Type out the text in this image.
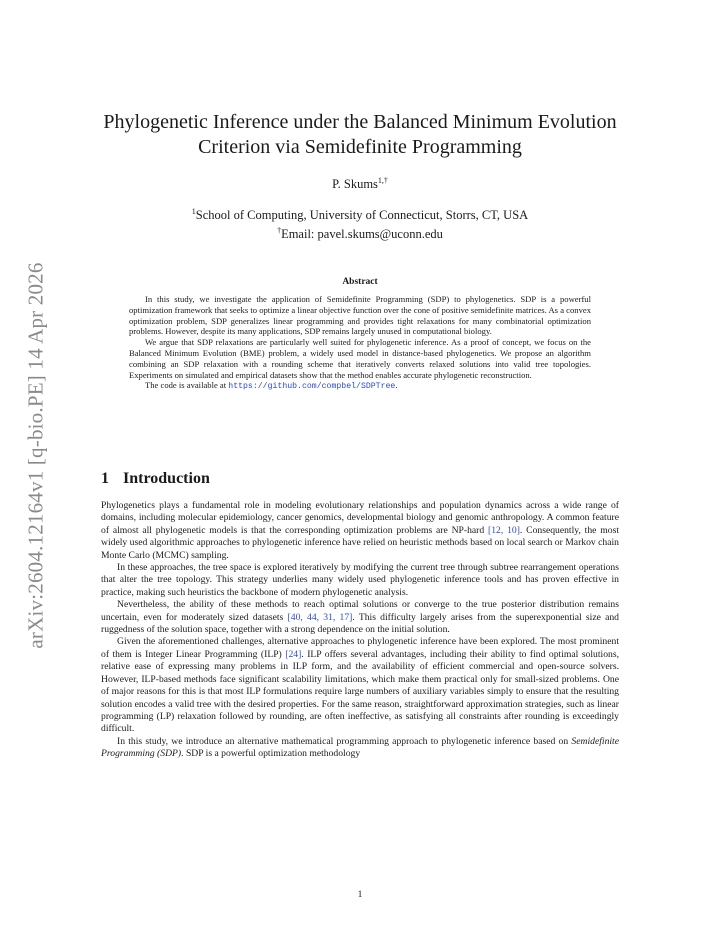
arXiv:2604.12164v1 [q-bio.PE] 14 Apr 2026
Phylogenetic Inference under the Balanced Minimum Evolution
Criterion via Semidefinite Programming
P. Skums$^{1,\dagger}$
$^1$School of Computing, University of Connecticut, Storrs, CT, USA
†Email: pavel.skums@uconn.edu
Abstract

In this study, we investigate the application of Semidefinite Programming (SDP) to phylogenetics. SDP is a powerful optimization framework that seeks to optimize a linear objective function over the cone of positive semidefinite matrices. As a convex optimization problem, SDP generalizes linear programming and provides tight relaxations for many combinatorial optimization problems. However, despite its many applications, SDP remains largely unused in computational biology.

We argue that SDP relaxations are particularly well suited for phylogenetic inference. As a proof of concept, we focus on the Balanced Minimum Evolution (BME) problem, a widely used model in distance-based phylogenetics. We propose an algorithm combining an SDP relaxation with a rounding scheme that iteratively converts relaxed solutions into valid tree topologies. Experiments on simulated and empirical datasets show that the method enables accurate phylogenetic reconstruction.

The code is available at https://github.com/compbel/SDPTree.

1 Introduction

Phylogenetics plays a fundamental role in modeling evolutionary relationships and population dynamics across a wide range of domains, including molecular epidemiology, cancer genomics, developmental biology and genomic anthropology. A common feature of almost all phylogenetic models is that the corresponding optimization problems are NP-hard [12, 10]. Consequently, the most widely used algorithmic approaches to phylogenetic inference have relied on heuristic methods based on local search or Markov chain Monte Carlo (MCMC) sampling.

In these approaches, the tree space is explored iteratively by modifying the current tree through subtree rearrangement operations that alter the tree topology. This strategy underlies many widely used phylogenetic inference tools and has proven effective in practice, making such heuristics the backbone of modern phylogenetic analysis.

Nevertheless, the ability of these methods to reach optimal solutions or converge to the true posterior distribution remains uncertain, even for moderately sized datasets [40, 44, 31, 17]. This difficulty largely arises from the superexponential size and ruggedness of the solution space, together with a strong dependence on the initial solution.

Given the aforementioned challenges, alternative approaches to phylogenetic inference have been explored. The most prominent of them is Integer Linear Programming (ILP) [24]. ILP offers several advantages, including their ability to find optimal solutions, relative ease of expressing many problems in ILP form, and the availability of efficient commercial and open-source solvers. However, ILP-based methods face significant scalability limitations, which make them practical only for small-sized problems. One of major reasons for this is that most ILP formulations require large numbers of auxiliary variables simply to ensure that the resulting solution encodes a valid tree with the desired properties. For the same reason, straightforward approximation strategies, such as linear programming (LP) relaxation followed by rounding, are often ineffective, as satisfying all constraints after rounding is exceedingly difficult.

In this study, we introduce an alternative mathematical programming approach to phylogenetic inference based on Semidefinite Programming (SDP). SDP is a powerful optimization methodology

1
